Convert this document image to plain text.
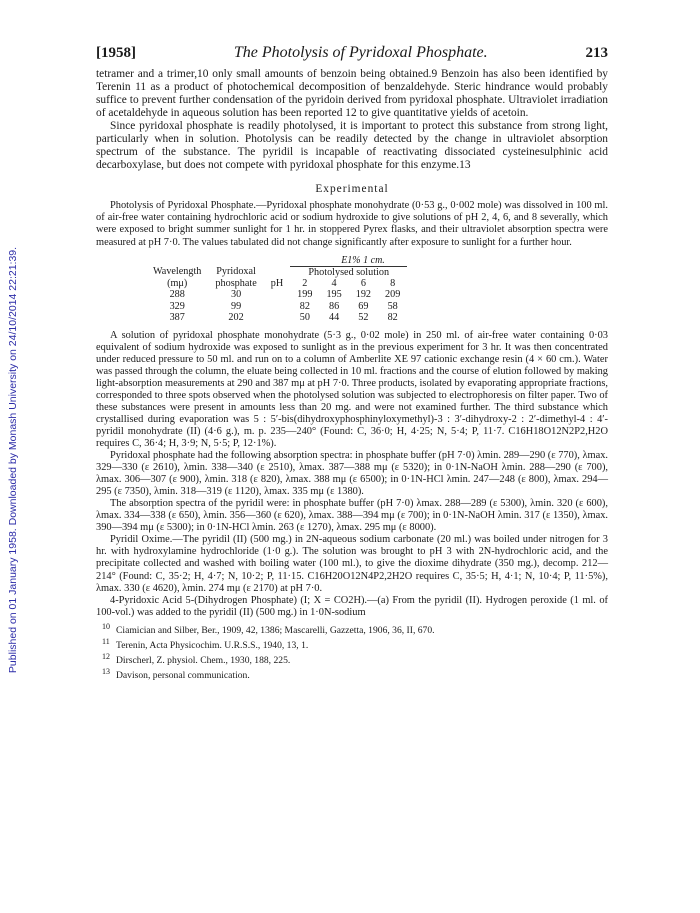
Published on 01 January 1958. Downloaded by Monash University on 24/10/2014 22:21:39.
[1958]	The Photolysis of Pyridoxal Phosphate.	213

tetramer and a trimer,10 only small amounts of benzoin being obtained.9 Benzoin has also been identified by Terenin 11 as a product of photochemical decomposition of benzaldehyde. Steric hindrance would probably suffice to prevent further condensation of the pyridoin derived from pyridoxal phosphate. Ultraviolet irradiation of acetaldehyde in aqueous solution has been reported 12 to give quantitative yields of acetoin.

Since pyridoxal phosphate is readily photolysed, it is important to protect this substance from strong light, particularly when in solution. Photolysis can be readily detected by the change in ultraviolet absorption spectrum of the substance. The pyridil is incapable of reactivating dissociated cysteinesulphinic acid decarboxylase, but does not compete with pyridoxal phosphate for this enzyme.13

Experimental

Photolysis of Pyridoxal Phosphate.—Pyridoxal phosphate monohydrate (0·53 g., 0·002 mole) was dissolved in 100 ml. of air-free water containing hydrochloric acid or sodium hydroxide to give solutions of pH 2, 4, 6, and 8 severally, which were exposed to bright summer sunlight for 1 hr. in stoppered Pyrex flasks, and their ultraviolet absorption spectra were measured at pH 7·0. The values tabulated did not change significantly after exposure to sunlight for a further hour.

E1% 1 cm.
Wavelength	Pyridoxal		Photolysed solution			
(mμ)	phosphate	pH	2	4	6	8
288	30		199	195	192	209
329	99		82	86	69	58
387	202		50	44	52	82

A solution of pyridoxal phosphate monohydrate (5·3 g., 0·02 mole) in 250 ml. of air-free water containing 0·03 equivalent of sodium hydroxide was exposed to sunlight as in the previous experiment for 3 hr. It was then concentrated under reduced pressure to 50 ml. and run on to a column of Amberlite XE 97 cationic exchange resin (4 × 60 cm.). Water was passed through the column, the eluate being collected in 10 ml. fractions and the course of elution followed by making light-absorption measurements at 290 and 387 mμ at pH 7·0. Three products, isolated by evaporating appropriate fractions, corresponded to three spots observed when the photolysed solution was subjected to electrophoresis on filter paper. Two of these substances were present in amounts less than 20 mg. and were not examined further. The third substance which crystallised during evaporation was 5 : 5′-bis(dihydroxyphosphinyloxymethyl)-3 : 3′-dihydroxy-2 : 2′-dimethyl-4 : 4′-pyridil monohydrate (II) (4·6 g.), m. p. 235—240° (Found: C, 36·0; H, 4·25; N, 5·4; P, 11·7. C16H18O12N2P2,H2O requires C, 36·4; H, 3·9; N, 5·5; P, 12·1%).

Pyridoxal phosphate had the following absorption spectra: in phosphate buffer (pH 7·0) λmin. 289—290 (ε 770), λmax. 329—330 (ε 2610), λmin. 338—340 (ε 2510), λmax. 387—388 mμ (ε 5320); in 0·1N-NaOH λmin. 288—290 (ε 700), λmax. 306—307 (ε 900), λmin. 318 (ε 820), λmax. 388 mμ (ε 6500); in 0·1N-HCl λmin. 247—248 (ε 800), λmax. 294—295 (ε 7350), λmin. 318—319 (ε 1120), λmax. 335 mμ (ε 1380).

The absorption spectra of the pyridil were: in phosphate buffer (pH 7·0) λmax. 288—289 (ε 5300), λmin. 320 (ε 600), λmax. 334—338 (ε 650), λmin. 356—360 (ε 620), λmax. 388—394 mμ (ε 700); in 0·1N-NaOH λmin. 317 (ε 1350), λmax. 390—394 mμ (ε 5300); in 0·1N-HCl λmin. 263 (ε 1270), λmax. 295 mμ (ε 8000).

Pyridil Oxime.—The pyridil (II) (500 mg.) in 2N-aqueous sodium carbonate (20 ml.) was boiled under nitrogen for 3 hr. with hydroxylamine hydrochloride (1·0 g.). The solution was brought to pH 3 with 2N-hydrochloric acid, and the precipitate collected and washed with boiling water (100 ml.), to give the dioxime dihydrate (350 mg.), decomp. 212—214° (Found: C, 35·2; H, 4·7; N, 10·2; P, 11·15. C16H20O12N4P2,2H2O requires C, 35·5; H, 4·1; N, 10·4; P, 11·5%), λmax. 330 (ε 4620), λmin. 274 mμ (ε 2170) at pH 7·0.

4-Pyridoxic Acid 5-(Dihydrogen Phosphate) (I; X = CO2H).—(a) From the pyridil (II). Hydrogen peroxide (1 ml. of 100-vol.) was added to the pyridil (II) (500 mg.) in 1·0N-sodium

10 Ciamician and Silber, Ber., 1909, 42, 1386; Mascarelli, Gazzetta, 1906, 36, II, 670.

11 Terenin, Acta Physicochim. U.R.S.S., 1940, 13, 1.

12 Dirscherl, Z. physiol. Chem., 1930, 188, 225.

13 Davison, personal communication.
